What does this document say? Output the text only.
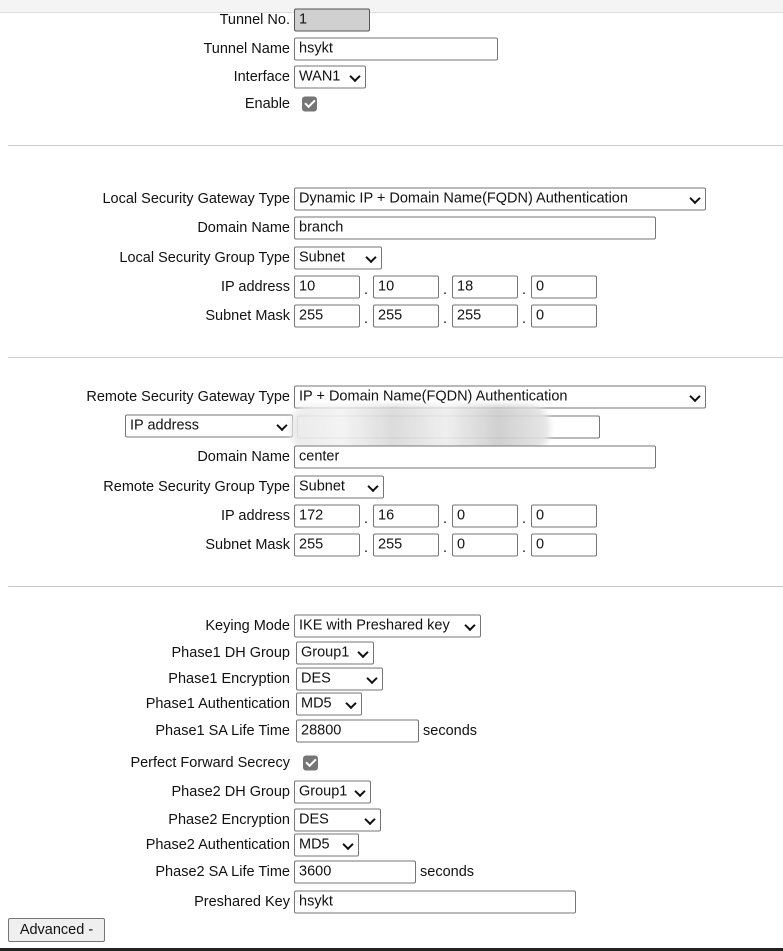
Tunnel No. 1
Tunnel Name hsykt
Interface WAN1
Enable
Local Security Gateway Type Dynamic IP + Domain Name(FQDN) Authentication
Domain Name branch
Local Security Group Type Subnet
IP address 10	. 10	. 18	. 0
Subnet Mask 255	. 255	. 255	. 0
Remote Security Gateway Type IP + Domain Name(FQDN) Authentication
IP address
Domain Name center
Remote Security Group Type Subnet
IP address 172	. 16	. 0	. 0
Subnet Mask 255	. 255	. 0	. 0
Keying Mode IKE with Preshared key
Phase1 DH Group Group1
Phase1 Encryption DES
Phase1 Authentication MD5
Phase1 SA Life Time 28800	seconds
Perfect Forward Secrecy
Phase2 DH Group Group1
Phase2 Encryption DES
Phase2 Authentication MD5
Phase2 SA Life Time 3600	seconds
Preshared Key hsykt
Advanced -
